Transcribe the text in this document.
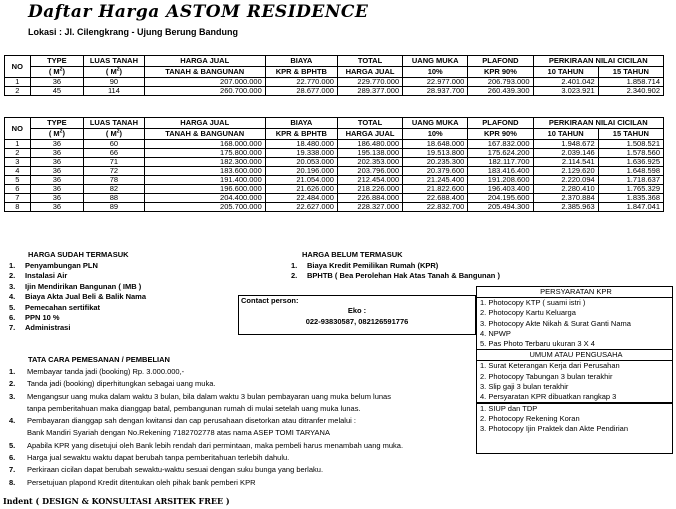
Daftar Harga ASTOM RESIDENCE
Lokasi : Jl. Cilengkrang - Ujung Berung Bandung
NO	TYPE	LUAS TANAH	HARGA JUAL	BIAYA	TOTAL	UANG MUKA	PLAFOND	PERKIRAAN NILAI CICILAN	
	( $M^2$)	( $M^2$)	TANAH & BANGUNAN	KPR & BPHTB	HARGA JUAL	10%	KPR 90%	10 TAHUN	15 TAHUN
1	36	90	207.000.000	22.770.000	229.770.000	22.977.000	206.793.000	2.401.042	1.858.714
2	45	114	260.700.000	28.677.000	289.377.000	28.937.700	260.439.300	3.023.921	2.340.902
NO	TYPE	LUAS TANAH	HARGA JUAL	BIAYA	TOTAL	UANG MUKA	PLAFOND	PERKIRAAN NILAI CICILAN	
	( $M^2$)	( $M^2$)	TANAH & BANGUNAN	KPR & BPHTB	HARGA JUAL	10%	KPR 90%	10 TAHUN	15 TAHUN
1	36	60	168.000.000	18.480.000	186.480.000	18.648.000	167.832.000	1.948.672	1.508.521
2	36	66	175.800.000	19.338.000	195.138.000	19.513.800	175.624.200	2.039.146	1.578.560
3	36	71	182.300.000	20.053.000	202.353.000	20.235.300	182.117.700	2.114.541	1.636.925
4	36	72	183.600.000	20.196.000	203.796.000	20.379.600	183.416.400	2.129.620	1.648.598
5	36	78	191.400.000	21.054.000	212.454.000	21.245.400	191.208.600	2.220.094	1.718.637
6	36	82	196.600.000	21.626.000	218.226.000	21.822.600	196.403.400	2.280.410	1.765.329
7	36	88	204.400.000	22.484.000	226.884.000	22.688.400	204.195.600	2.370.884	1.835.368
8	36	89	205.700.000	22.627.000	228.327.000	22.832.700	205.494.300	2.385.963	1.847.041
HARGA SUDAH TERMASUK
1. Penyambungan PLN
2. Instalasi Air
3. Ijin Mendirikan Bangunan ( IMB )
4. Biaya Akta Jual Beli & Balik Nama
5. Pemecahan sertifikat
6. PPN 10 %
7. Administrasi
HARGA BELUM TERMASUK
1. Biaya Kredit Pemilikan Rumah (KPR)
2. BPHTB ( Bea Perolehan Hak Atas Tanah & Bangunan )
Contact person:
Eko :
022-93830587, 082126591776
PERSYARATAN KPR
1. Photocopy KTP ( suami istri )
2. Photocopy Kartu Keluarga
3. Photocopy Akte Nikah & Surat Ganti Nama
4. NPWP
5. Pas Photo Terbaru ukuran 3 X 4
UMUM ATAU PENGUSAHA
1. Surat Keterangan Kerja dari Perusahan
2. Photocopy Tabungan 3 bulan terakhir
3. Slip gaji 3 bulan terakhir
4. Persyaratan KPR dibuatkan rangkap 3
1. SIUP dan TDP
2. Photocopy Rekening Koran
3. Photocopy Ijin Praktek dan Akte Pendirian
TATA CARA PEMESANAN / PEMBELIAN
1. Membayar tanda jadi (booking) Rp. 3.000.000,-
2. Tanda jadi (booking) diperhitungkan sebagai uang muka.
3. Mengangsur uang muka dalam waktu 3 bulan, bila dalam waktu 3 bulan pembayaran uang muka belum lunas
tanpa pemberitahuan maka dianggap batal, pembangunan rumah di mulai setelah uang muka lunas.
4. Pembayaran dianggap sah dengan kwitansi dan cap perusahaan disetorkan atau ditranfer melalui :
Bank Mandiri Syariah dengan No.Rekening 7182702778 atas nama ASEP TOMI TARYANA
5. Apabila KPR yang disetujui oleh Bank lebih rendah dari permintaan, maka pembeli harus menambah uang muka.
6. Harga jual sewaktu waktu dapat berubah tanpa pemberitahuan terlebih dahulu.
7. Perkiraan cicilan dapat berubah sewaktu-waktu sesuai dengan suku bunga yang berlaku.
8. Persetujuan plapond Kredit ditentukan oleh pihak bank pemberi KPR
Indent ( DESIGN & KONSULTASI ARSITEK FREE )
